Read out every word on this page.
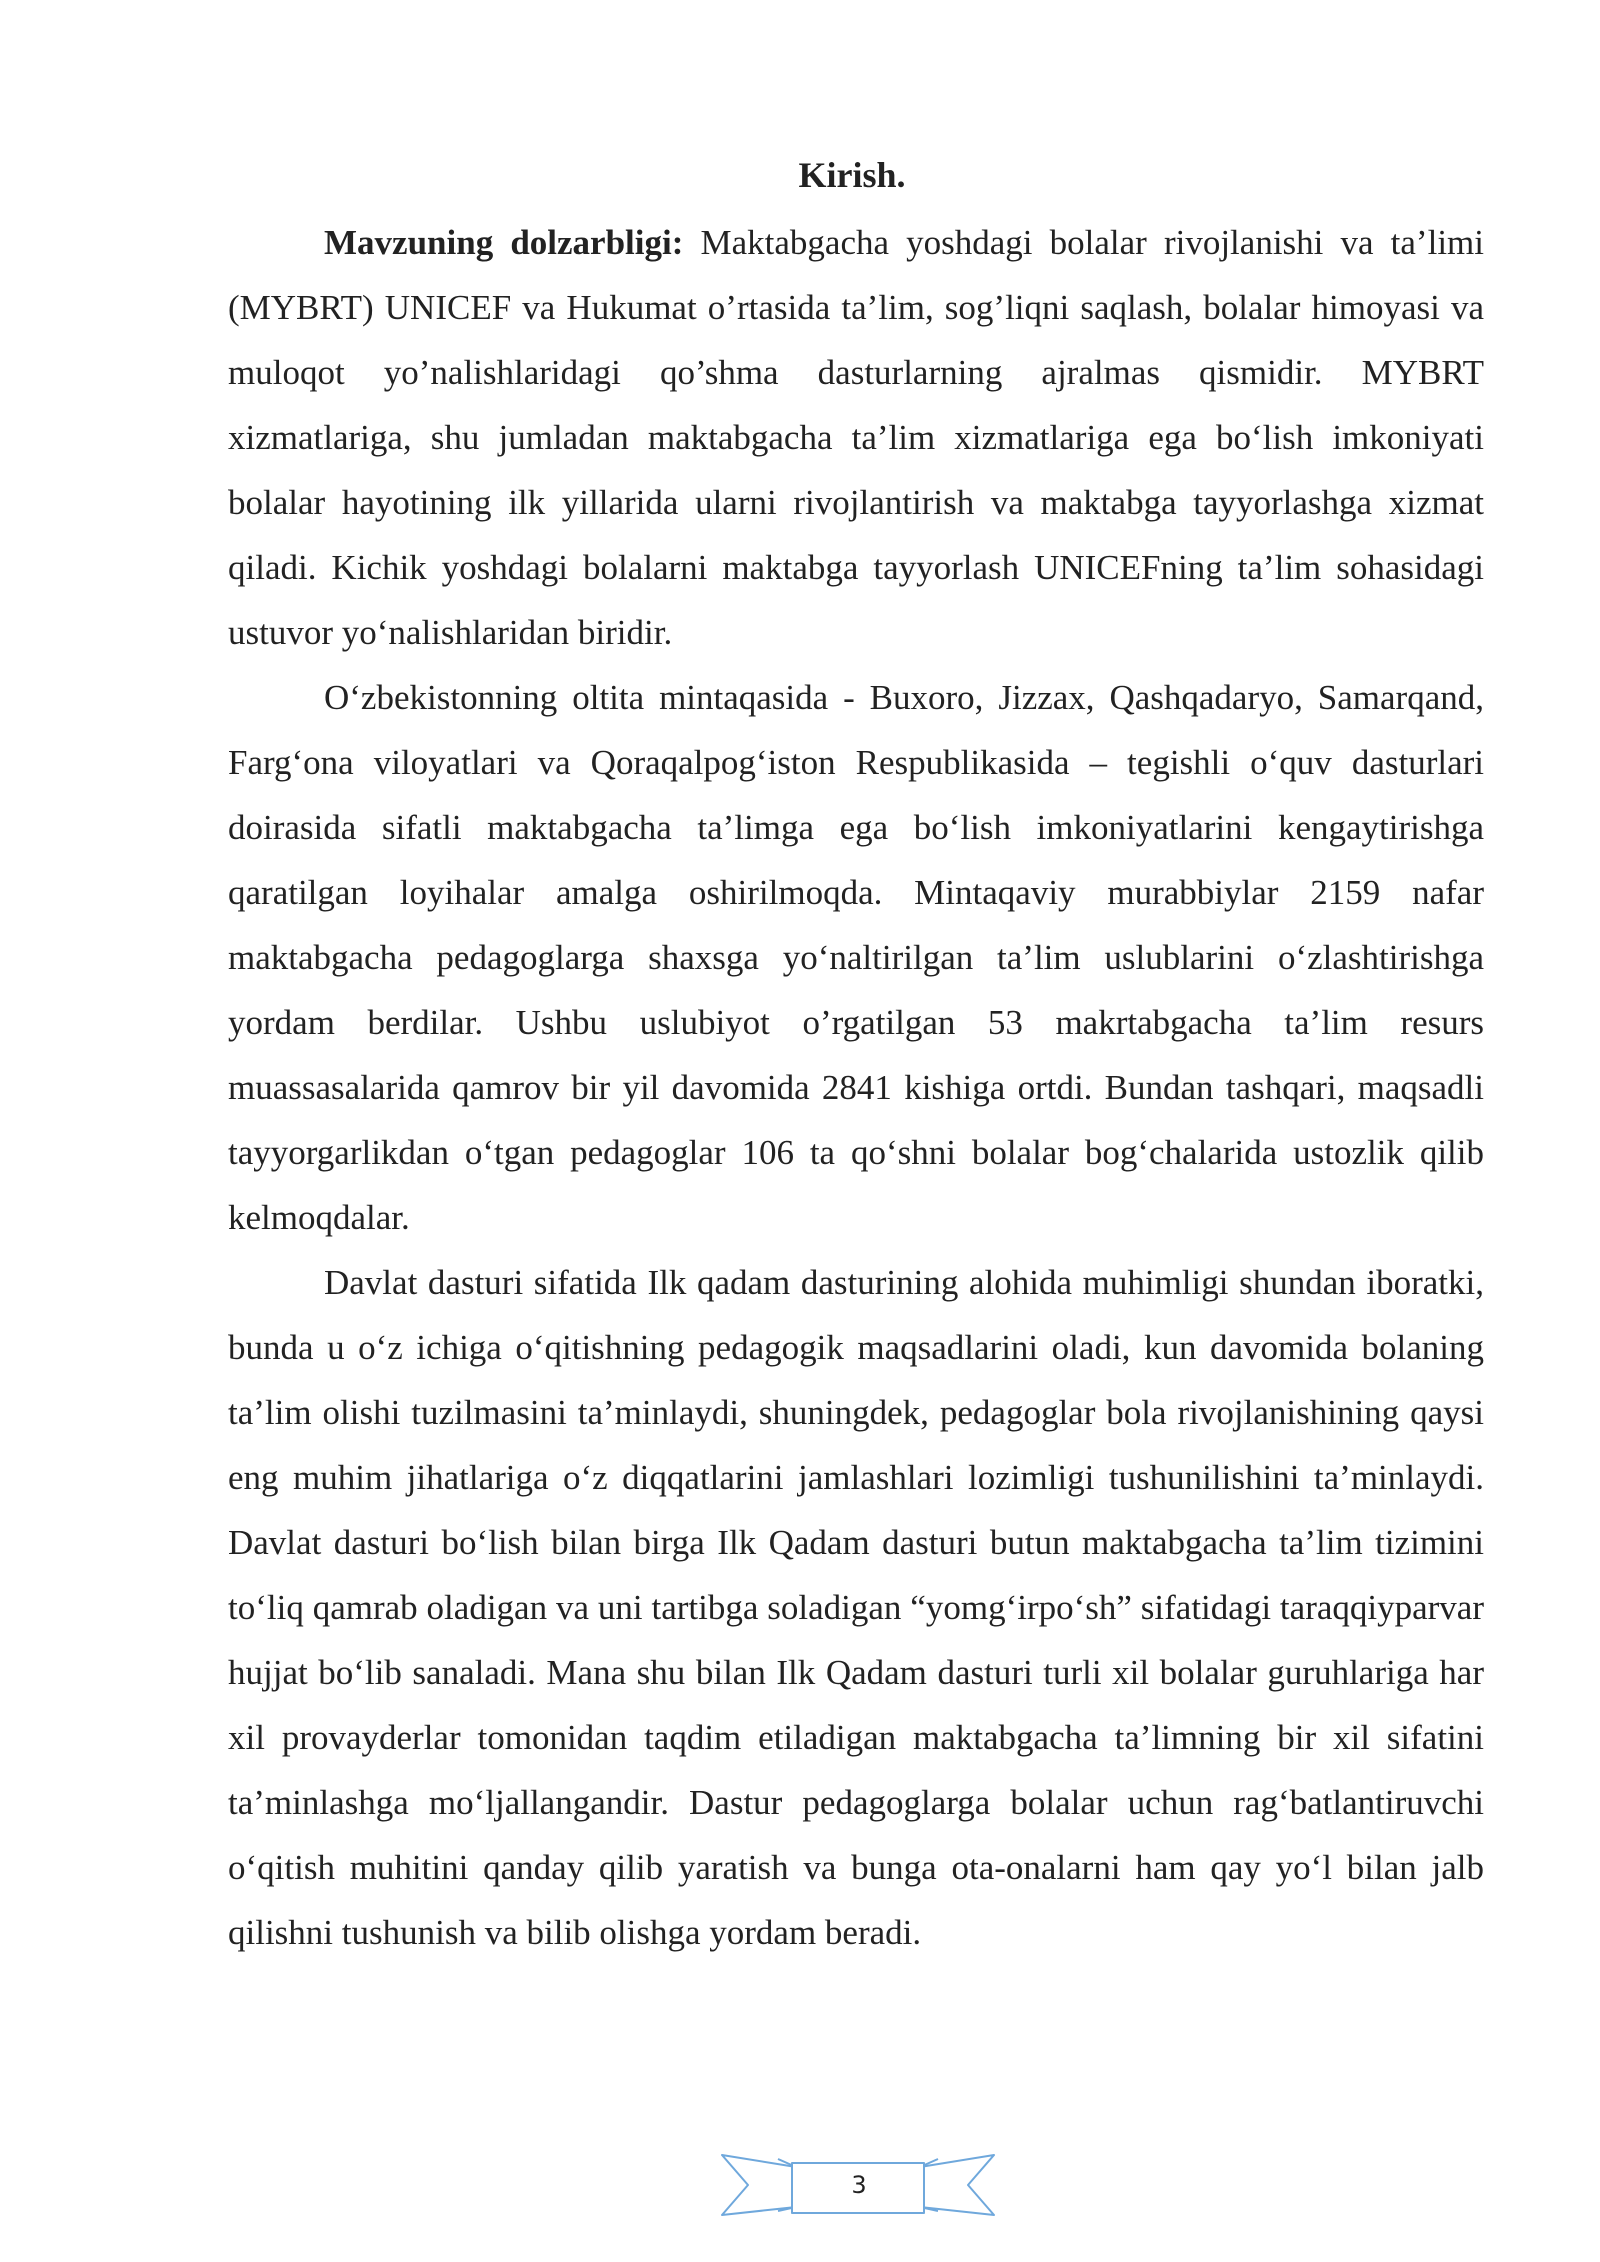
Kirish.

Mavzuning dolzarbligi: Maktabgacha yoshdagi bolalar rivojlanishi va ta’limi (MYBRT) UNICEF va Hukumat o’rtasida ta’lim, sog’liqni saqlash, bolalar himoyasi va muloqot yo’nalishlaridagi qo’shma dasturlarning ajralmas qismidir. MYBRT xizmatlariga, shu jumladan maktabgacha ta’lim xizmatlariga ega bo‘lish imkoniyati bolalar hayotining ilk yillarida ularni rivojlantirish va maktabga tayyorlashga xizmat qiladi. Kichik yoshdagi bolalarni maktabga tayyorlash UNICEFning ta’lim sohasidagi ustuvor yo‘nalishlaridan biridir.

O‘zbekistonning oltita mintaqasida - Buxoro, Jizzax, Qashqadaryo, Samarqand, Farg‘ona viloyatlari va Qoraqalpog‘iston Respublikasida – tegishli o‘quv dasturlari doirasida sifatli maktabgacha ta’limga ega bo‘lish imkoniyatlarini kengaytirishga qaratilgan loyihalar amalga oshirilmoqda. Mintaqaviy murabbiylar 2159 nafar maktabgacha pedagoglarga shaxsga yo‘naltirilgan ta’lim uslublarini o‘zlashtirishga yordam berdilar. Ushbu uslubiyot o’rgatilgan 53 makrtabgacha ta’lim resurs muassasalarida qamrov bir yil davomida 2841 kishiga ortdi. Bundan tashqari, maqsadli tayyorgarlikdan o‘tgan pedagoglar 106 ta qo‘shni bolalar bog‘chalarida ustozlik qilib kelmoqdalar.

Davlat dasturi sifatida Ilk qadam dasturining alohida muhimligi shundan iboratki, bunda u o‘z ichiga o‘qitishning pedagogik maqsadlarini oladi, kun davomida bolaning ta’lim olishi tuzilmasini ta’minlaydi, shuningdek, pedagoglar bola rivojlanishining qaysi eng muhim jihatlariga o‘z diqqatlarini jamlashlari lozimligi tushunilishini ta’minlaydi. Davlat dasturi bo‘lish bilan birga Ilk Qadam dasturi butun maktabgacha ta’lim tizimini to‘liq qamrab oladigan va uni tartibga soladigan “yomg‘irpo‘sh” sifatidagi taraqqiyparvar hujjat bo‘lib sanaladi. Mana shu bilan Ilk Qadam dasturi turli xil bolalar guruhlariga har xil provayderlar tomonidan taqdim etiladigan maktabgacha ta’limning bir xil sifatini ta’minlashga mo‘ljallangandir. Dastur pedagoglarga bolalar uchun rag‘batlantiruvchi o‘qitish muhitini qanday qilib yaratish va bunga ota-onalarni ham qay yo‘l bilan jalb qilishni tushunish va bilib olishga yordam beradi.

3
